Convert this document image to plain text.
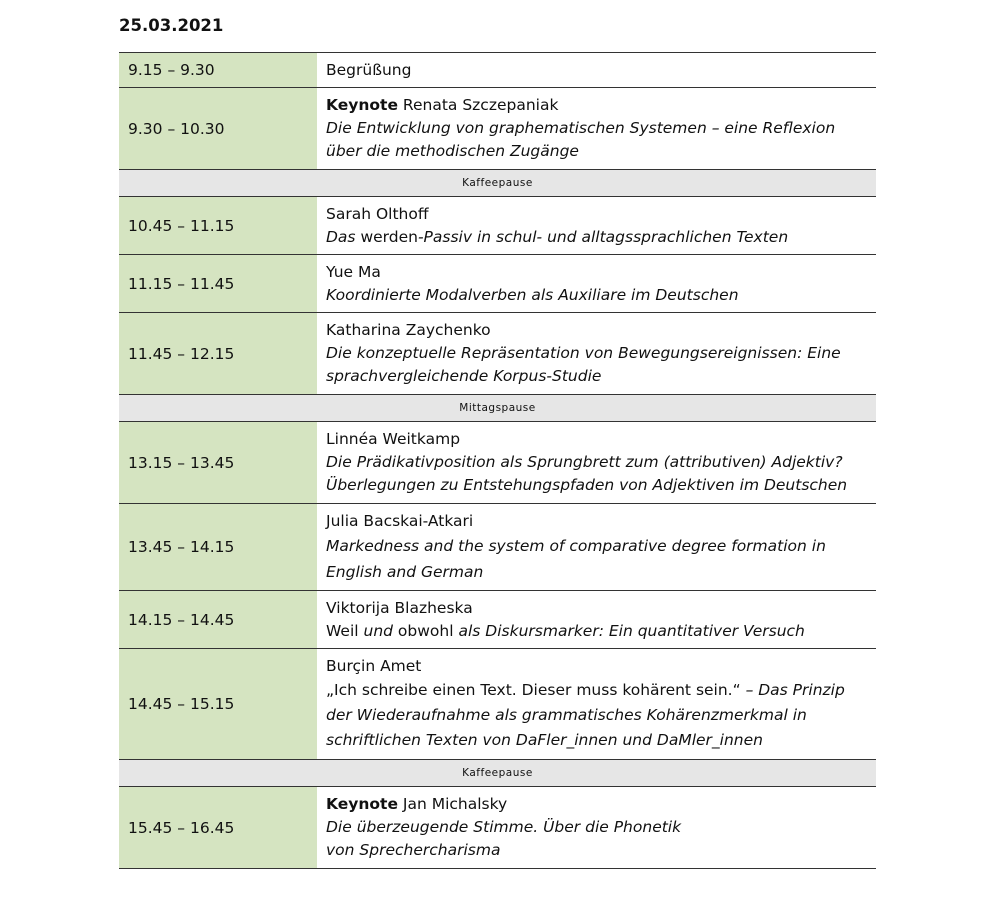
25.03.2021
9.15 – 9.30	Begrüßung
9.30 – 10.30	Keynote Renata Szczepaniak
Die Entwicklung von graphematischen Systemen – eine Reflexion über die methodischen Zugänge

Kaffeepause	
10.45 – 11.15	Sarah Olthoff
Das werden-Passiv in schul- und alltagssprachlichen Texten

11.15 – 11.45	Yue Ma
Koordinierte Modalverben als Auxiliare im Deutschen

11.45 – 12.15	Katharina Zaychenko
Die konzeptuelle Repräsentation von Bewegungsereignissen: Eine sprachvergleichende Korpus-Studie

Mittagspause	
13.15 – 13.45	Linnéa Weitkamp
Die Prädikativposition als Sprungbrett zum (attributiven) Adjektiv? Überlegungen zu Entstehungspfaden von Adjektiven im Deutschen

13.45 – 14.15	Julia Bacskai-Atkari
Markedness and the system of comparative degree formation in English and German

14.15 – 14.45	Viktorija Blazheska
Weil und obwohl als Diskursmarker: Ein quantitativer Versuch

14.45 – 15.15	Burçin Amet
„Ich schreibe einen Text. Dieser muss kohärent sein.“ – Das Prinzip der Wiederaufnahme als grammatisches Kohärenzmerkmal in schriftlichen Texten von DaFler_innen und DaMler_innen

Kaffeepause	
15.45 – 16.45	Keynote Jan Michalsky
Die überzeugende Stimme. Über die Phonetik von Sprechercharisma
